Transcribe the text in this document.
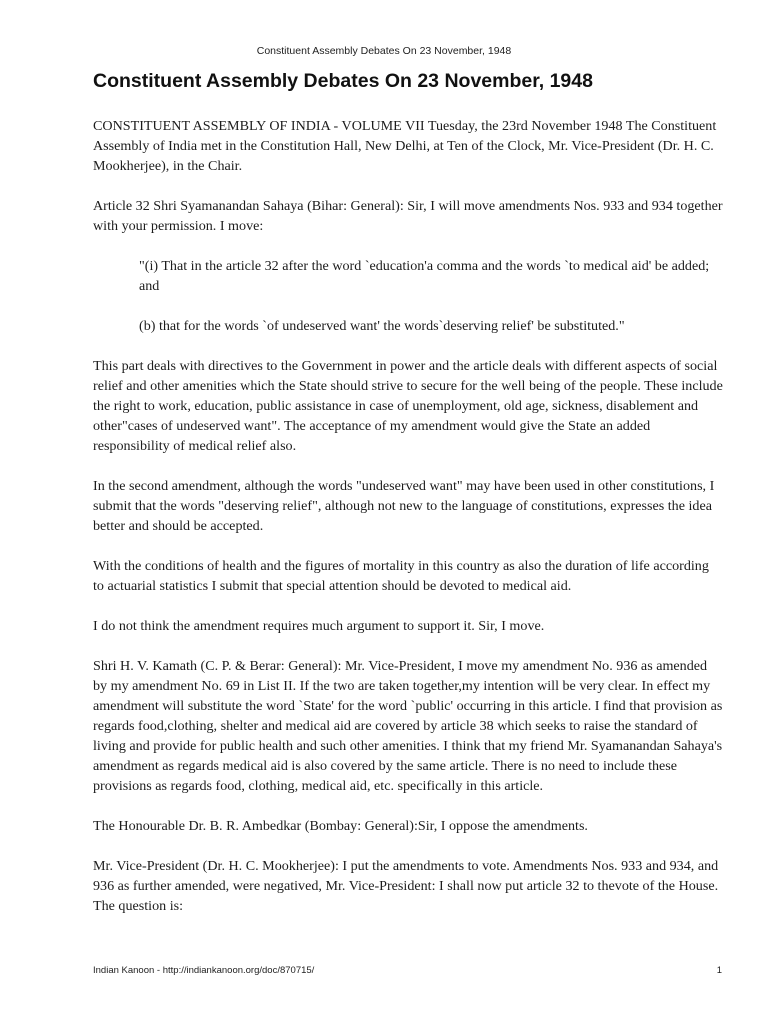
Constituent Assembly Debates On 23 November, 1948
Constituent Assembly Debates On 23 November, 1948

CONSTITUENT ASSEMBLY OF INDIA - VOLUME VII Tuesday, the 23rd November 1948 The Constituent Assembly of India met in the Constitution Hall, New Delhi, at Ten of the Clock, Mr. Vice-President (Dr. H. C. Mookherjee), in the Chair.

Article 32 Shri Syamanandan Sahaya (Bihar: General): Sir, I will move amendments Nos. 933 and 934 together with your permission. I move:

"(i) That in the article 32 after the word `education'a comma and the words `to medical aid' be added; and
(b) that for the words `of undeserved want' the words`deserving relief' be substituted."

This part deals with directives to the Government in power and the article deals with different aspects of social relief and other amenities which the State should strive to secure for the well being of the people. These include the right to work, education, public assistance in case of unemployment, old age, sickness, disablement and other"cases of undeserved want". The acceptance of my amendment would give the State an added responsibility of medical relief also.

In the second amendment, although the words "undeserved want" may have been used in other constitutions, I submit that the words "deserving relief", although not new to the language of constitutions, expresses the idea better and should be accepted.

With the conditions of health and the figures of mortality in this country as also the duration of life according to actuarial statistics I submit that special attention should be devoted to medical aid.

I do not think the amendment requires much argument to support it. Sir, I move.

Shri H. V. Kamath (C. P. & Berar: General): Mr. Vice-President, I move my amendment No. 936 as amended by my amendment No. 69 in List II. If the two are taken together,my intention will be very clear. In effect my amendment will substitute the word `State' for the word `public' occurring in this article. I find that provision as regards food,clothing, shelter and medical aid are covered by article 38 which seeks to raise the standard of living and provide for public health and such other amenities. I think that my friend Mr. Syamanandan Sahaya's amendment as regards medical aid is also covered by the same article. There is no need to include these provisions as regards food, clothing, medical aid, etc. specifically in this article.

The Honourable Dr. B. R. Ambedkar (Bombay: General):Sir, I oppose the amendments.

Mr. Vice-President (Dr. H. C. Mookherjee): I put the amendments to vote. Amendments Nos. 933 and 934, and 936 as further amended, were negatived, Mr. Vice-President: I shall now put article 32 to thevote of the House. The question is:

Indian Kanoon - http://indiankanoon.org/doc/870715/	1
